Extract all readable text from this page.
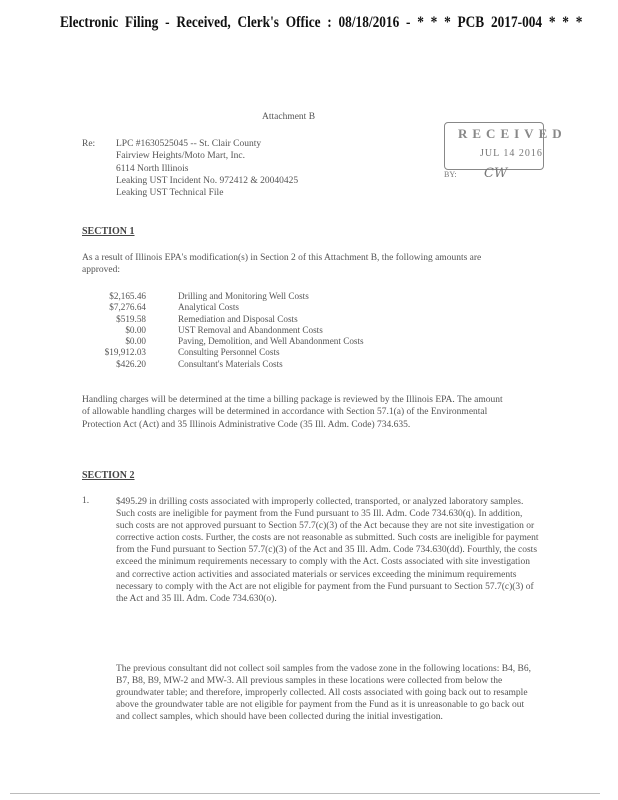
Electronic Filing - Received, Clerk's Office : 08/18/2016 - * * * PCB 2017-004 * * *
Attachment B
Re: LPC #1630525045 -- St. Clair County
Fairview Heights/Moto Mart, Inc.
6114 North Illinois
Leaking UST Incident No. 972412 & 20040425
Leaking UST Technical File
RECEIVED
JUL 14 2016
BY: CW
SECTION 1
As a result of Illinois EPA's modification(s) in Section 2 of this Attachment B, the following amounts are approved:
$2,165.46	Drilling and Monitoring Well Costs
$7,276.64	Analytical Costs
$519.58	Remediation and Disposal Costs
$0.00	UST Removal and Abandonment Costs
$0.00	Paving, Demolition, and Well Abandonment Costs
$19,912.03	Consulting Personnel Costs
$426.20	Consultant's Materials Costs
Handling charges will be determined at the time a billing package is reviewed by the Illinois EPA. The amount of allowable handling charges will be determined in accordance with Section 57.1(a) of the Environmental Protection Act (Act) and 35 Illinois Administrative Code (35 Ill. Adm. Code) 734.635.
SECTION 2
1.	$495.29 in drilling costs associated with improperly collected, transported, or analyzed laboratory samples. Such costs are ineligible for payment from the Fund pursuant to 35 Ill. Adm. Code 734.630(q). In addition, such costs are not approved pursuant to Section 57.7(c)(3) of the Act because they are not site investigation or corrective action costs. Further, the costs are not reasonable as submitted. Such costs are ineligible for payment from the Fund pursuant to Section 57.7(c)(3) of the Act and 35 Ill. Adm. Code 734.630(dd). Fourthly, the costs exceed the minimum requirements necessary to comply with the Act. Costs associated with site investigation and corrective action activities and associated materials or services exceeding the minimum requirements necessary to comply with the Act are not eligible for payment from the Fund pursuant to Section 57.7(c)(3) of the Act and 35 Ill. Adm. Code 734.630(o).
The previous consultant did not collect soil samples from the vadose zone in the following locations: B4, B6, B7, B8, B9, MW-2 and MW-3. All previous samples in these locations were collected from below the groundwater table; and therefore, improperly collected. All costs associated with going back out to resample above the groundwater table are not eligible for payment from the Fund as it is unreasonable to go back out and collect samples, which should have been collected during the initial investigation.
